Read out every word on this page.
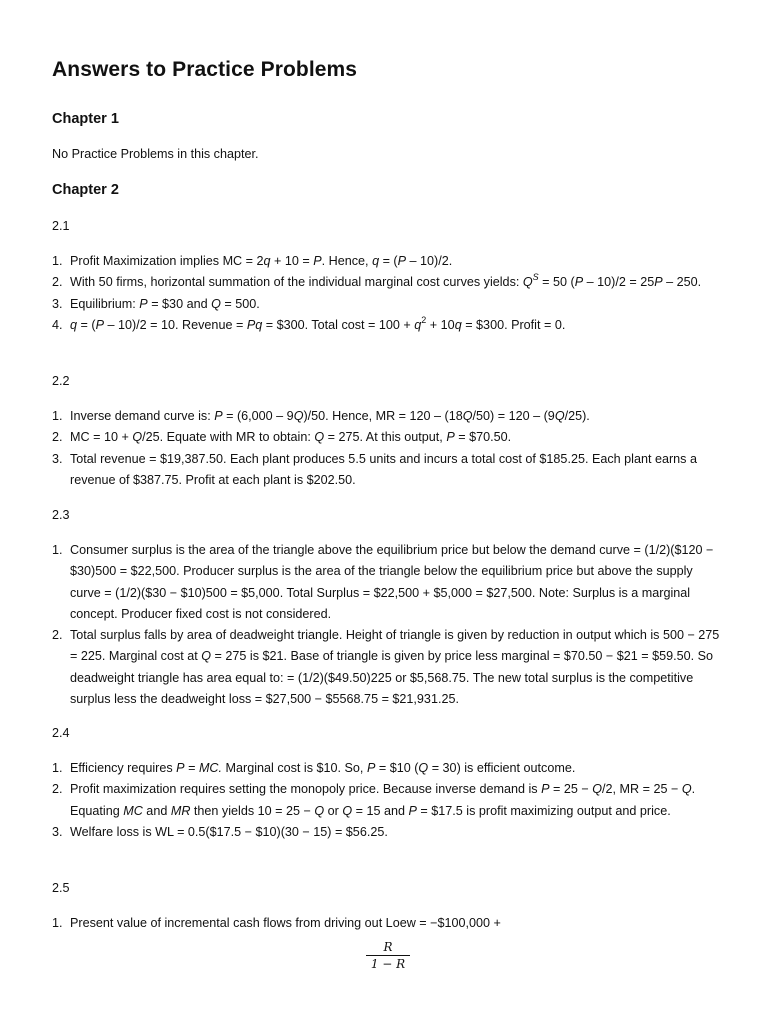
Answers to Practice Problems
Chapter 1

No Practice Problems in this chapter.

Chapter 2

2.1

1. Profit Maximization implies MC = 2q + 10 = P. Hence, q = (P – 10)/2.
2. With 50 firms, horizontal summation of the individual marginal cost curves yields: $Q^S = 50$ (P – 10)/2 = 25P – 250.
3. Equilibrium: P = $30 and Q = 500.
4. q = (P – 10)/2 = 10. Revenue = Pq = $300. Total $\cos t = 100 + q^2 + 10q$ = $300. Profit = 0.

2.2

1. Inverse demand curve is: P = (6,000 – 9Q)/50. Hence, MR = 120 – (18Q/50) = 120 – (9Q/25).
2. MC = 10 + Q/25. Equate with MR to obtain: Q = 275. At this output, P = $70.50.
3. Total revenue = $19,387.50. Each plant produces 5.5 units and incurs a total cost of $185.25. Each plant earns a revenue of $387.75. Profit at each plant is $202.50.

2.3

1. Consumer surplus is the area of the triangle above the equilibrium price but below the demand curve = (1/2)($120 − $30)500 = $22,500. Producer surplus is the area of the triangle below the equilibrium price but above the supply curve = (1/2)($30 − $10)500 = $5,000. Total Surplus = $22,500 + $5,000 = $27,500. Note: Surplus is a marginal concept. Producer fixed cost is not considered.
2. Total surplus falls by area of deadweight triangle. Height of triangle is given by reduction in output which is 500 − 275 = 225. Marginal cost at Q = 275 is $21. Base of triangle is given by price less marginal = $70.50 − $21 = $59.50. So deadweight triangle has area equal to: = (1/2)($49.50)225 or $5,568.75. The new total surplus is the competitive surplus less the deadweight loss = $27,500 − $5568.75 = $21,931.25.

2.4

1. Efficiency requires P = MC. Marginal cost is $10. So, P = $10 (Q = 30) is efficient outcome.
2. Profit maximization requires setting the monopoly price. Because inverse demand is P = 25 − Q/2, MR = 25 − Q. Equating MC and MR then yields 10 = 25 − Q or Q = 15 and P = $17.5 is profit maximizing output and price.
3. Welfare loss is WL = 0.5($17.5 − $10)(30 − 15) = $56.25.

2.5

1. Present value of incremental cash flows from driving out Loew = −$100,000 +
R
1 − R
